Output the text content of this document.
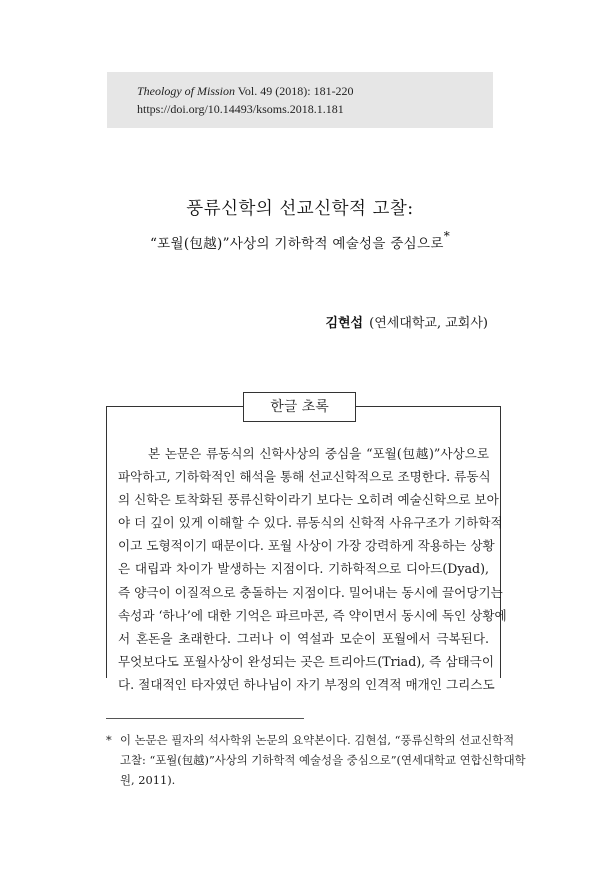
Theology of Mission Vol. 49 (2018): 181-220
https://doi.org/10.14493/ksoms.2018.1.181
풍류신학의 선교신학적 고찰:
“포월(包越)”사상의 기하학적 예술성을 중심으로*
김현섭 (연세대학교, 교회사)
한글 초록
본 논문은 류동식의 신학사상의 중심을 “포월(包越)”사상으로
파악하고, 기하학적인 해석을 통해 선교신학적으로 조명한다. 류동식
의 신학은 토착화된 풍류신학이라기 보다는 오히려 예술신학으로 보아
야 더 깊이 있게 이해할 수 있다. 류동식의 신학적 사유구조가 기하학적
이고 도형적이기 때문이다. 포월 사상이 가장 강력하게 작용하는 상황
은 대립과 차이가 발생하는 지점이다. 기하학적으로 디아드(Dyad),
즉 양극이 이질적으로 충돌하는 지점이다. 밀어내는 동시에 끌어당기는
속성과 ‘하나’에 대한 기억은 파르마콘, 즉 약이면서 동시에 독인 상황에
서 혼돈을 초래한다. 그러나 이 역설과 모순이 포월에서 극복된다.
무엇보다도 포월사상이 완성되는 곳은 트리아드(Triad), 즉 삼태극이
다. 절대적인 타자였던 하나님이 자기 부정의 인격적 매개인 그리스도
* 이 논문은 필자의 석사학위 논문의 요약본이다. 김현섭, “풍류신학의 선교신학적
고찰: “포월(包越)”사상의 기하학적 예술성을 중심으로”(연세대학교 연합신학대학
원, 2011).
